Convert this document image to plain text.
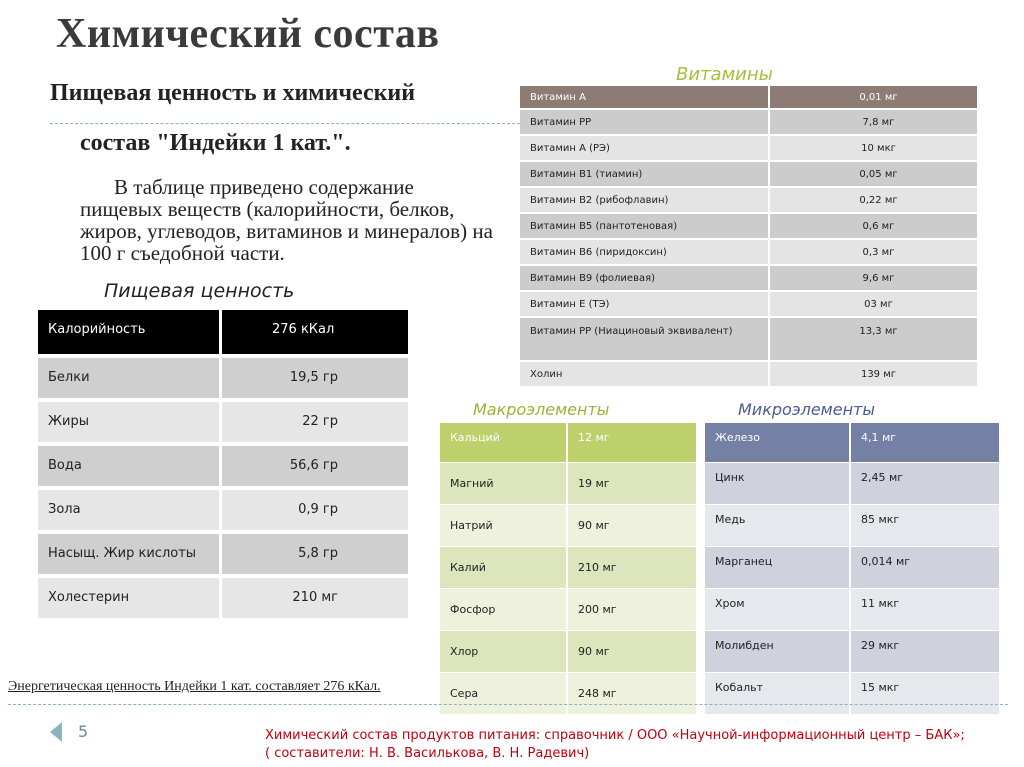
Химический состав
Пищевая ценность и химический
состав "Индейки 1 кат.".
В таблице приведено содержание пищевых веществ (калорийности, белков, жиров, углеводов, витаминов и минералов) на 100 г съедобной части.
Пищевая ценность
Калорийность	276 кКал
Белки	19,5 гр
Жиры	22 гр
Вода	56,6 гр
Зола	0,9 гр
Насыщ. Жир кислоты	5,8 гр
Холестерин	210 мг
Витамины
Витамин А	0,01 мг
Витамин РР	7,8 мг
Витамин А (РЭ)	10 мкг
Витамин В1 (тиамин)	0,05 мг
Витамин В2 (рибофлавин)	0,22 мг
Витамин В5 (пантотеновая)	0,6 мг
Витамин В6 (пиридоксин)	0,3 мг
Витамин В9 (фолиевая)	9,6 мг
Витамин Е (ТЭ)	03 мг
Витамин РР (Ниациновый эквивалент)	13,3 мг
Холин	139 мг
Макроэлементы
Кальций	12 мг
Магний	19 мг
Натрий	90 мг
Калий	210 мг
Фосфор	200 мг
Хлор	90 мг
Сера	248 мг
Микроэлементы
Железо	4,1 мг
Цинк	2,45 мг
Медь	85 мкг
Марганец	0,014 мг
Хром	11 мкг
Молибден	29 мкг
Кобальт	15 мкг
Энергетическая ценность Индейки 1 кат. составляет 276 кКал.
5	Химический состав продуктов питания: справочник / ООО «Научной-информационный центр – БАК»;
( составители: Н. В. Василькова, В. Н. Радевич)
